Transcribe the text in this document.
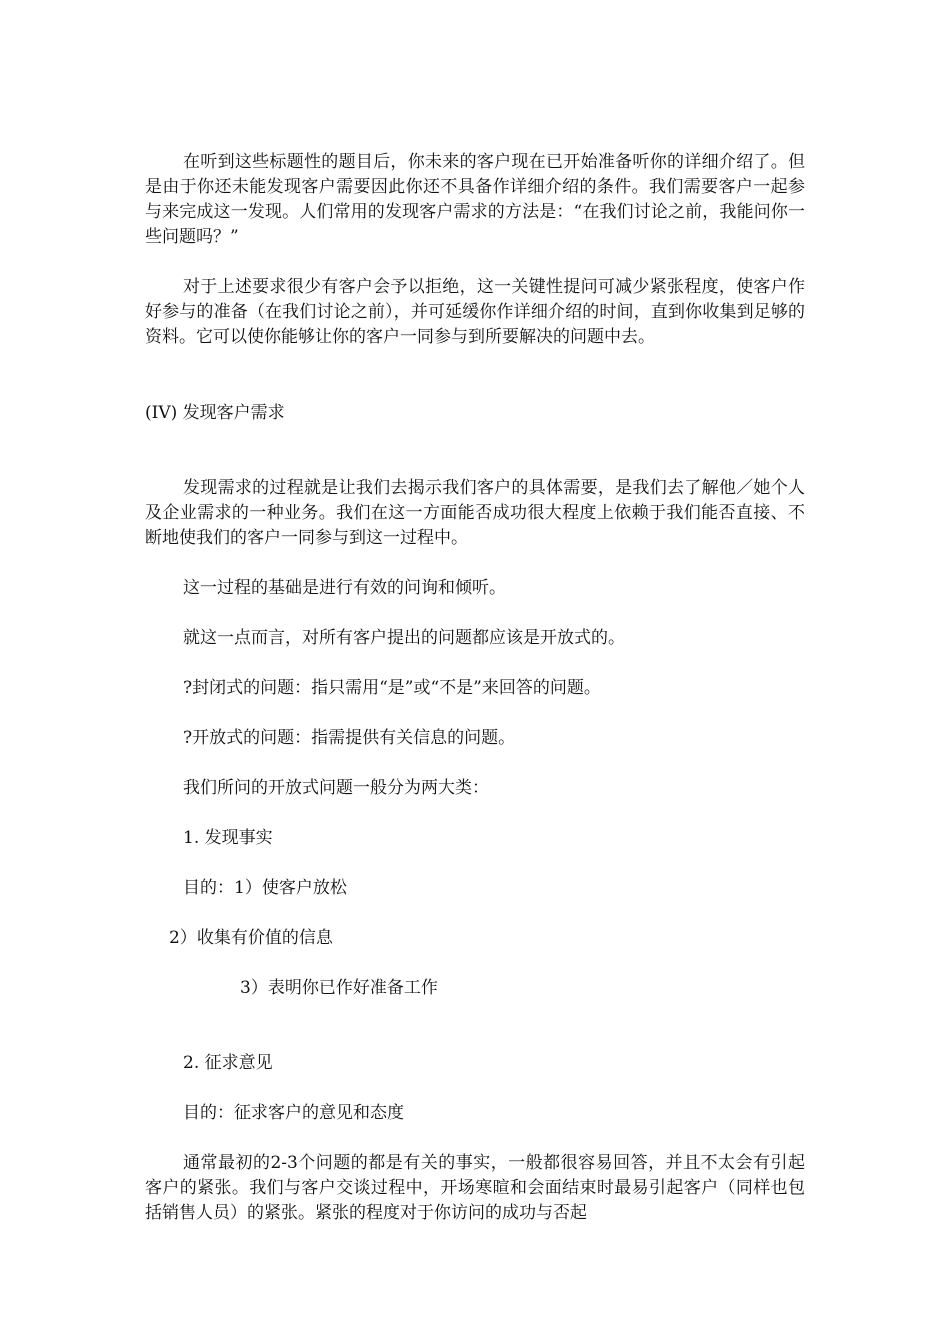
在听到这些标题性的题目后，你未来的客户现在已开始准备听你的详细介绍了。但是由于你还未能发现客户需要因此你还不具备作详细介绍的条件。我们需要客户一起参与来完成这一发现。人们常用的发现客户需求的方法是：“在我们讨论之前，我能问你一些问题吗？”

对于上述要求很少有客户会予以拒绝，这一关键性提问可减少紧张程度，使客户作好参与的准备（在我们讨论之前），并可延缓你作详细介绍的时间，直到你收集到足够的资料。它可以使你能够让你的客户一同参与到所要解决的问题中去。

(IV) 发现客户需求

发现需求的过程就是让我们去揭示我们客户的具体需要，是我们去了解他／她个人及企业需求的一种业务。我们在这一方面能否成功很大程度上依赖于我们能否直接、不断地使我们的客户一同参与到这一过程中。

这一过程的基础是进行有效的问询和倾听。

就这一点而言，对所有客户提出的问题都应该是开放式的。

?封闭式的问题：指只需用“是”或“不是”来回答的问题。

?开放式的问题：指需提供有关信息的问题。

我们所问的开放式问题一般分为两大类：

1. 发现事实

目的：1）使客户放松

2）收集有价值的信息

3）表明你已作好准备工作

2. 征求意见

目的：征求客户的意见和态度

通常最初的2-3个问题的都是有关的事实，一般都很容易回答，并且不太会有引起客户的紧张。我们与客户交谈过程中，开场寒暄和会面结束时最易引起客户（同样也包括销售人员）的紧张。紧张的程度对于你访问的成功与否起
